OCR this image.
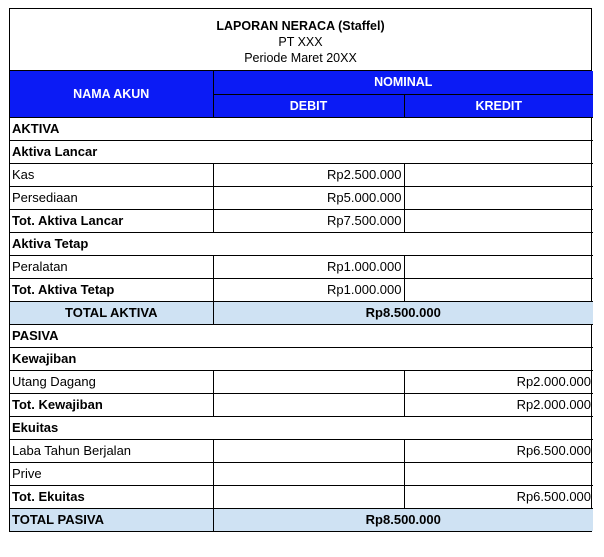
LAPORAN NERACA (Staffel)
PT XXX
Periode Maret 20XX
NAMA AKUN	NOMINAL	
	DEBIT	KREDIT
AKTIVA		
Aktiva Lancar		
Kas	Rp2.500.000	
Persediaan	Rp5.000.000	
Tot. Aktiva Lancar	Rp7.500.000	
Aktiva Tetap		
Peralatan	Rp1.000.000	
Tot. Aktiva Tetap	Rp1.000.000	
TOTAL AKTIVA	Rp8.500.000	
PASIVA		
Kewajiban		
Utang Dagang		Rp2.000.000
Tot. Kewajiban		Rp2.000.000
Ekuitas		
Laba Tahun Berjalan		Rp6.500.000
Prive		
Tot. Ekuitas		Rp6.500.000
TOTAL PASIVA	Rp8.500.000	
